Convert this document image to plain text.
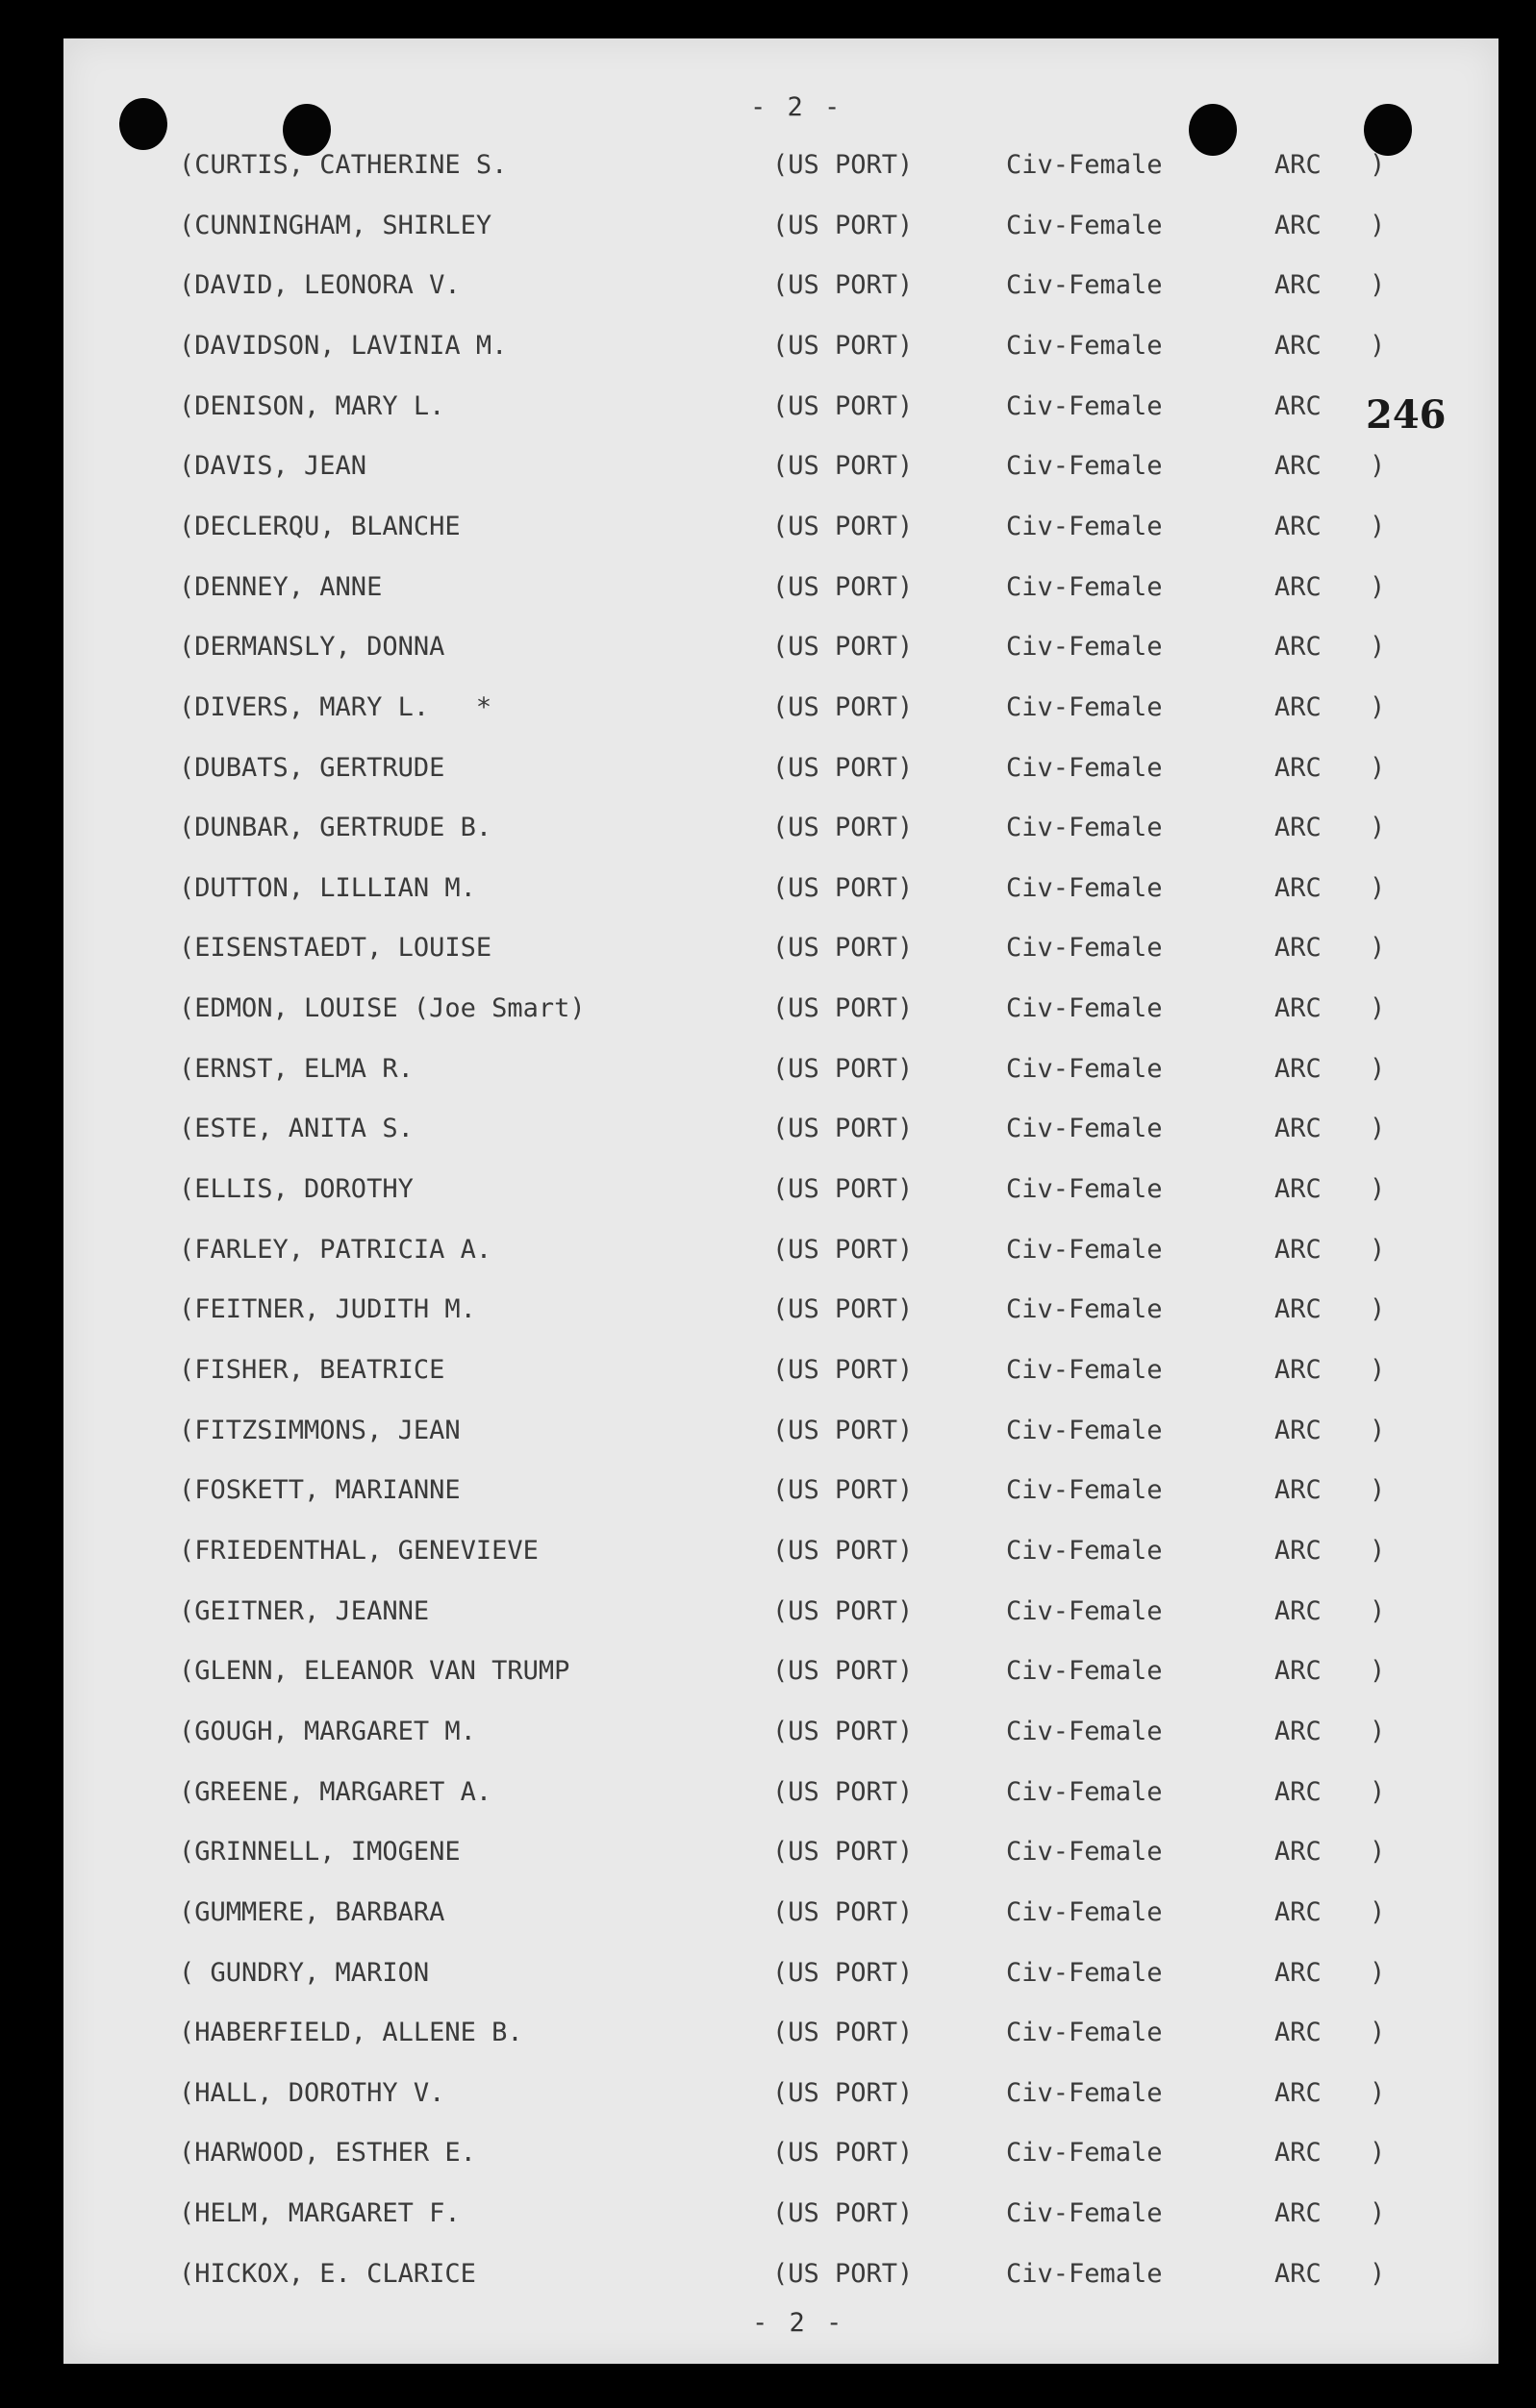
- 2 -
- 2 -
246
(CURTIS, CATHERINE S.	(US PORT)	Civ-Female	ARC )
(CUNNINGHAM, SHIRLEY	(US PORT)	Civ-Female	ARC )
(DAVID, LEONORA V.	(US PORT)	Civ-Female	ARC )
(DAVIDSON, LAVINIA M.	(US PORT)	Civ-Female	ARC )
(DENISON, MARY L.	(US PORT)	Civ-Female	ARC
(DAVIS, JEAN	(US PORT)	Civ-Female	ARC )
(DECLERQU, BLANCHE	(US PORT)	Civ-Female	ARC )
(DENNEY, ANNE	(US PORT)	Civ-Female	ARC )
(DERMANSLY, DONNA	(US PORT)	Civ-Female	ARC )
(DIVERS, MARY L.   *	(US PORT)	Civ-Female	ARC )
(DUBATS, GERTRUDE	(US PORT)	Civ-Female	ARC )
(DUNBAR, GERTRUDE B.	(US PORT)	Civ-Female	ARC )
(DUTTON, LILLIAN M.	(US PORT)	Civ-Female	ARC )
(EISENSTAEDT, LOUISE	(US PORT)	Civ-Female	ARC )
(EDMON, LOUISE (Joe Smart)	(US PORT)	Civ-Female	ARC )
(ERNST, ELMA R.	(US PORT)	Civ-Female	ARC )
(ESTE, ANITA S.	(US PORT)	Civ-Female	ARC )
(ELLIS, DOROTHY	(US PORT)	Civ-Female	ARC )
(FARLEY, PATRICIA A.	(US PORT)	Civ-Female	ARC )
(FEITNER, JUDITH M.	(US PORT)	Civ-Female	ARC )
(FISHER, BEATRICE	(US PORT)	Civ-Female	ARC )
(FITZSIMMONS, JEAN	(US PORT)	Civ-Female	ARC )
(FOSKETT, MARIANNE	(US PORT)	Civ-Female	ARC )
(FRIEDENTHAL, GENEVIEVE	(US PORT)	Civ-Female	ARC )
(GEITNER, JEANNE	(US PORT)	Civ-Female	ARC )
(GLENN, ELEANOR VAN TRUMP	(US PORT)	Civ-Female	ARC )
(GOUGH, MARGARET M.	(US PORT)	Civ-Female	ARC )
(GREENE, MARGARET A.	(US PORT)	Civ-Female	ARC )
(GRINNELL, IMOGENE	(US PORT)	Civ-Female	ARC )
(GUMMERE, BARBARA	(US PORT)	Civ-Female	ARC )
( GUNDRY, MARION	(US PORT)	Civ-Female	ARC )
(HABERFIELD, ALLENE B.	(US PORT)	Civ-Female	ARC )
(HALL, DOROTHY V.	(US PORT)	Civ-Female	ARC )
(HARWOOD, ESTHER E.	(US PORT)	Civ-Female	ARC )
(HELM, MARGARET F.	(US PORT)	Civ-Female	ARC )
(HICKOX, E. CLARICE	(US PORT)	Civ-Female	ARC )
